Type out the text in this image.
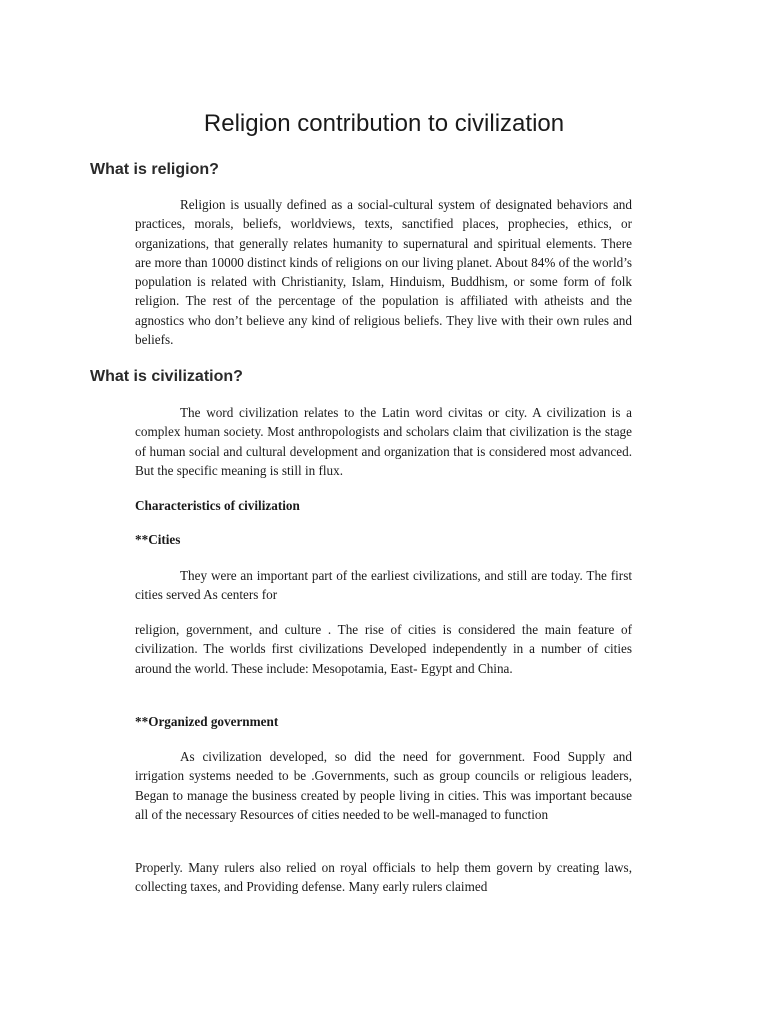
Religion contribution to civilization
What is religion?

Religion is usually defined as a social-cultural system of designated behaviors and practices, morals, beliefs, worldviews, texts, sanctified places, prophecies, ethics, or organizations, that generally relates humanity to supernatural and spiritual elements. There are more than 10000 distinct kinds of religions on our living planet. About 84% of the world’s population is related with Christianity, Islam, Hinduism, Buddhism, or some form of folk religion. The rest of the percentage of the population is affiliated with atheists and the agnostics who don’t believe any kind of religious beliefs. They live with their own rules and beliefs.

What is civilization?

The word civilization relates to the Latin word civitas or city. A civilization is a complex human society. Most anthropologists and scholars claim that civilization is the stage of human social and cultural development and organization that is considered most advanced. But the specific meaning is still in flux.

Characteristics of civilization

**Cities

They were an important part of the earliest civilizations, and still are today. The first cities served As centers for

religion, government, and culture . The rise of cities is considered the main feature of civilization. The worlds first civilizations Developed independently in a number of cities around the world. These include: Mesopotamia, East- Egypt and China.

**Organized government

As civilization developed, so did the need for government. Food Supply and irrigation systems needed to be .Governments, such as group councils or religious leaders, Began to manage the business created by people living in cities. This was important because all of the necessary Resources of cities needed to be well-managed to function

Properly. Many rulers also relied on royal officials to help them govern by creating laws, collecting taxes, and Providing defense. Many early rulers claimed
